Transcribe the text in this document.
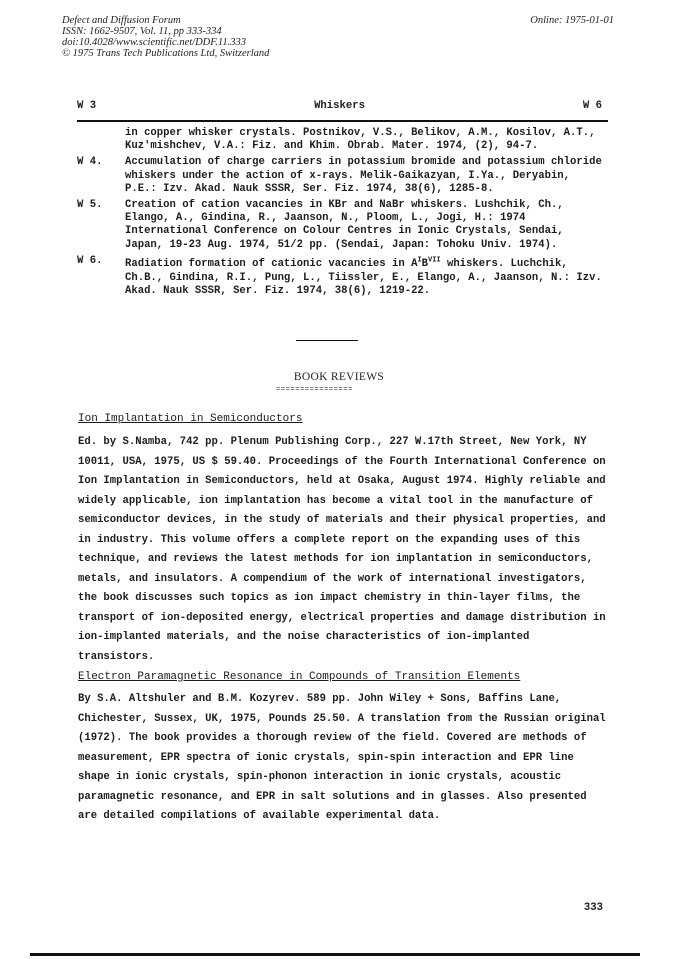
Defect and Diffusion Forum
ISSN: 1662-9507, Vol. 11, pp 333-334
doi:10.4028/www.scientific.net/DDF.11.333
© 1975 Trans Tech Publications Ltd, Switzerland
Online: 1975-01-01
W 3	Whiskers	W 6
in copper whisker crystals. Postnikov, V.S., Belikov, A.M., Kosilov, A.T., Kuz'mishchev, V.A.: Fiz. and Khim. Obrab. Mater. 1974, (2), 94-7.
W 4. Accumulation of charge carriers in potassium bromide and potassium chloride whiskers under the action of x-rays. Melik-Gaikazyan, I.Ya., Deryabin, P.E.: Izv. Akad. Nauk SSSR, Ser. Fiz. 1974, 38(6), 1285-8.
W 5. Creation of cation vacancies in KBr and NaBr whiskers. Lushchik, Ch., Elango, A., Gindina, R., Jaanson, N., Ploom, L., Jogi, H.: 1974 International Conference on Colour Centres in Ionic Crystals, Sendai, Japan, 19-23 Aug. 1974, 51/2 pp. (Sendai, Japan: Tohoku Univ. 1974).
W 6. Radiation formation of cationic vacancies in $A^IB^{VII}$ whiskers. Luchchik, Ch.B., Gindina, R.I., Pung, L., Tiissler, E., Elango, A., Jaanson, N.: Izv. Akad. Nauk SSSR, Ser. Fiz. 1974, 38(6), 1219-22.
BOOK REVIEWS
================
Ion Implantation in Semiconductors
Ed. by S.Namba, 742 pp. Plenum Publishing Corp., 227 W.17th Street, New York, NY 10011, USA, 1975, US $ 59.40. Proceedings of the Fourth International Conference on Ion Implantation in Semiconductors, held at Osaka, August 1974. Highly reliable and widely applicable, ion implantation has become a vital tool in the manufacture of semiconductor devices, in the study of materials and their physical properties, and in industry. This volume offers a complete report on the expanding uses of this technique, and reviews the latest methods for ion implantation in semiconductors, metals, and insulators. A compendium of the work of international investigators, the book discusses such topics as ion impact chemistry in thin-layer films, the transport of ion-deposited energy, electrical properties and damage distribution in ion-implanted materials, and the noise characteristics of ion-implanted transistors.
Electron Paramagnetic Resonance in Compounds of Transition Elements
By S.A. Altshuler and B.M. Kozyrev. 589 pp. John Wiley + Sons, Baffins Lane, Chichester, Sussex, UK, 1975, Pounds 25.50. A translation from the Russian original (1972). The book provides a thorough review of the field. Covered are methods of measurement, EPR spectra of ionic crystals, spin-spin interaction and EPR line shape in ionic crystals, spin-phonon interaction in ionic crystals, acoustic paramagnetic resonance, and EPR in salt solutions and in glasses. Also presented are detailed compilations of available experimental data.
333
